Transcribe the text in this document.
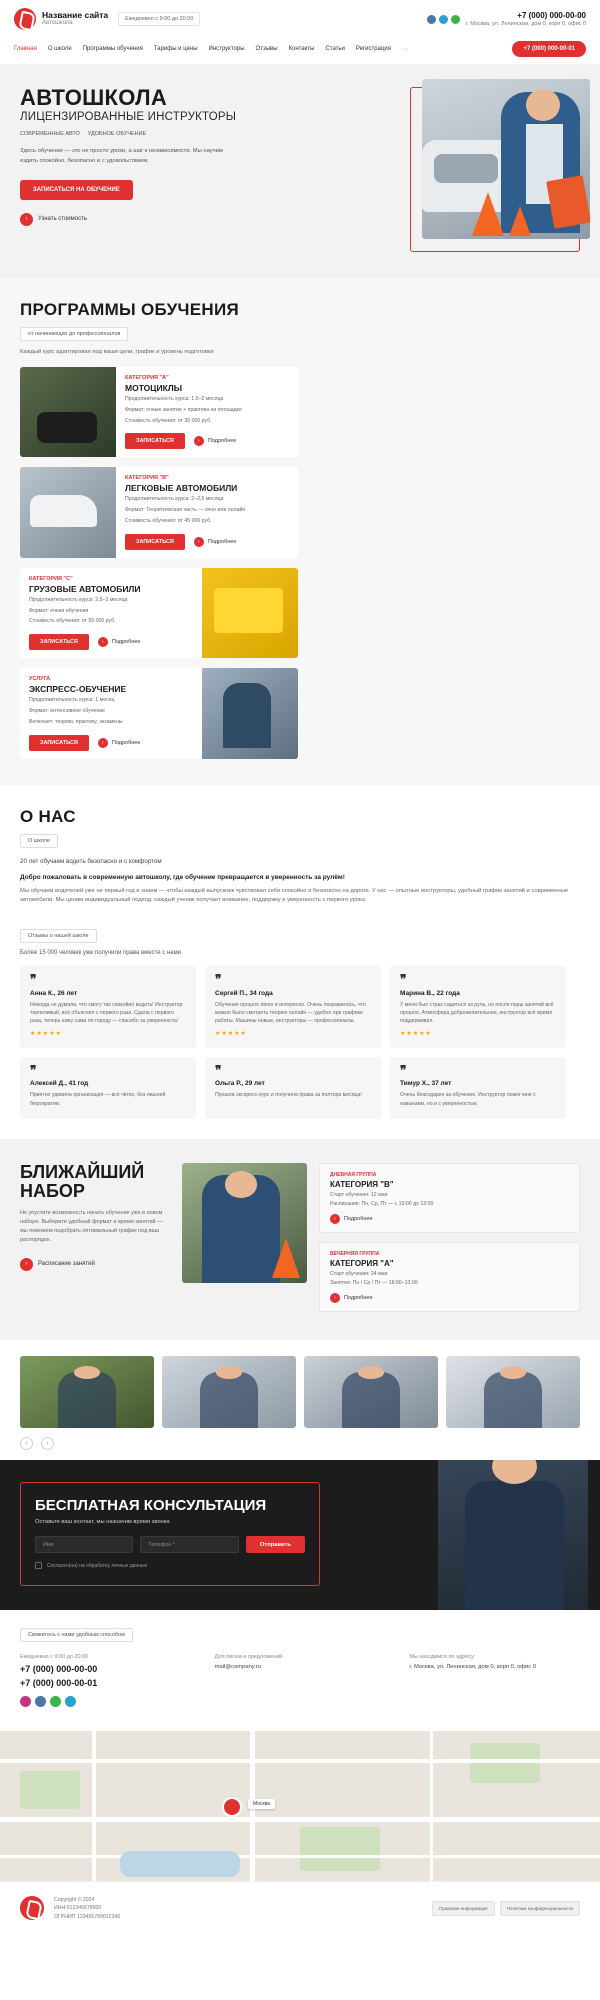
Название сайта
Автошкола
Ежедневно с 9:00 до 20:00	+7 (000) 000-00-00
г. Москва, ул. Ленинская, дом 0, корп 0, офис 0
Главная О школе Программы обучения Тарифы и цены Инструкторы Отзывы Контакты Статьи Регистрация ···	+7 (000) 000-00-01
АВТОШКОЛА
ЛИЦЕНЗИРОВАННЫЕ ИНСТРУКТОРЫ
СОВРЕМЕННЫЕ АВТО УДОБНОЕ ОБУЧЕНИЕ
Здесь обучение — это не просто уроки, а шаг к независимости. Мы научим ездить спокойно, безопасно и с удовольствием.
ЗАПИСАТЬСЯ НА ОБУЧЕНИЕ
›	Узнать стоимость
ПРОГРАММЫ ОБУЧЕНИЯ
от начинающих до профессионалов
Каждый курс адаптирован под ваши цели, график и уровень подготовки
КАТЕГОРИЯ "А"
МОТОЦИКЛЫ
Продолжительность курса: 1,5–2 месяца
Формат: очные занятия + практика на площадке
Стоимость обучения: от 35 000 руб.
ЗАПИСАТЬСЯ	›	Подробнее
КАТЕГОРИЯ "В"
ЛЕГКОВЫЕ АВТОМОБИЛИ
Продолжительность курса: 2–2,5 месяца
Формат: Теоретическая часть — очно или онлайн
Стоимость обучения: от 45 000 руб.
ЗАПИСАТЬСЯ	›	Подробнее
КАТЕГОРИЯ "С"
ГРУЗОВЫЕ АВТОМОБИЛИ
Продолжительность курса: 2,5–3 месяца
Формат: очная обучения
Стоимость обучения: от 55 000 руб.
ЗАПИСАТЬСЯ	›	Подробнее
УСЛУГА
ЭКСПРЕСС-ОБУЧЕНИЕ
Продолжительность курса: 1 месяц
Формат: интенсивное обучение
Включает: теорию, практику, экзамены
ЗАПИСАТЬСЯ	›	Подробнее
О НАС
О школе
20 лет обучаем водить безопасно и с комфортом
Добро пожаловать в современную автошколу, где обучение превращается в уверенность за рулём!
Мы обучаем водителей уже не первый год и знаем — чтобы каждый выпускник чувствовал себя спокойно и безопасно на дороге. У нас — опытные инструкторы, удобный график занятий и современные автомобили. Мы ценим индивидуальный подход: каждый ученик получает внимание, поддержку и уверенность с первого урока.
Отзывы о нашей школе
Более 15 000 человек уже получили права вместе с нами
❞
Анна К., 26 лет
Никогда не думала, что смогу так спокойно водить! Инструктор терпеливый, всё объяснял с первого раза. Сдала с первого раза, теперь езжу сама по городу — спасибо за уверенность!
★★★★★
❞
Сергей П., 34 года
Обучение прошло легко и интересно. Очень понравилось, что можно было смотреть теорию онлайн — удобно при графике работы. Машины новые, инструкторы — профессионалы.
★★★★★
❞
Марина В., 22 года
У меня был страх садиться за руль, но после пары занятий всё прошло. Атмосфера доброжелательная, инструктор всё время поддерживал.
★★★★★
❞
Алексей Д., 41 год
Приятно удивила организация — всё чётко, без лишней бюрократии.
❞
Ольга Р., 29 лет
Прошла экспресс-курс и получила права за полтора месяца!
❞
Тимур Х., 37 лет
Очень благодарен за обучение. Инструктор помог мне с навыками, но и с уверенностью.
БЛИЖАЙШИЙ НАБОР
Не упустите возможность начать обучение уже в новом наборе. Выберите удобный формат и время занятий — мы поможем подобрать оптимальный график под ваш распорядок.
›	Расписание занятий
ДНЕВНАЯ ГРУППА
КАТЕГОРИЯ "В"
Старт обучения: 12 мая
Расписание: Пн, Ср, Пт — с 10:00 до 13:00
›	Подробнее
ВЕЧЕРНЯЯ ГРУППА
КАТЕГОРИЯ "А"
Старт обучения: 24 мая
Занятия: Пн / Ср / Пт — 18:00–13:00
›	Подробнее
‹	›
БЕСПЛАТНАЯ КОНСУЛЬТАЦИЯ
Оставьте ваш контакт, мы назначим время звонка
Имя	Телефон *	Отправить
Согласен(на) на обработку личных данных
Свяжитесь с нами удобным способом
Ежедневно с 9:00 до 20:00
+7 (000) 000-00-00
+7 (000) 000-00-01
Для писем и предложений
mail@company.ru
Мы находимся по адресу:
г. Москва, ул. Ленинская, дом 0, корп 0, офис 0
Москва
Copyright © 2024
ИНН 0123456789​00
ОГРНИП 123456789012345
Правовая информация	Политика конфиденциальности
